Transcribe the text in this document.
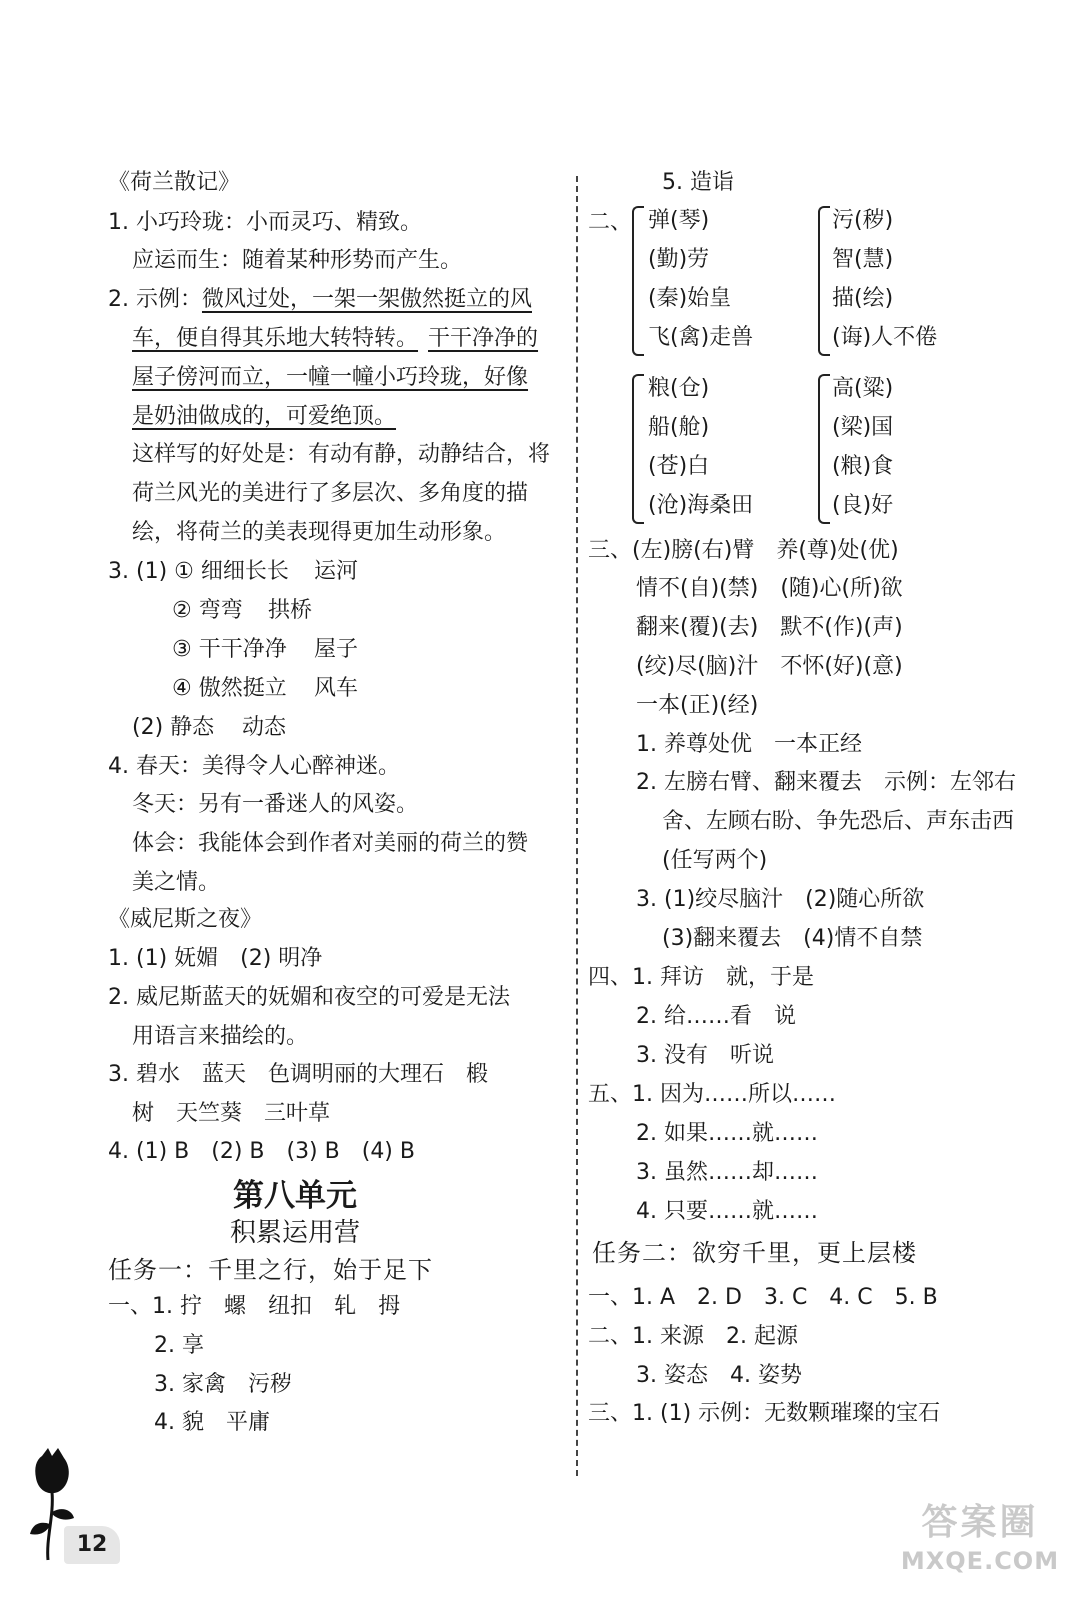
《荷兰散记》
1. 小巧玲珑：小而灵巧、精致。
应运而生：随着某种形势而产生。
2. 示例：微风过处，一架一架傲然挺立的风
车，便自得其乐地大转特转。 干干净净的
屋子傍河而立，一幢一幢小巧玲珑，好像
是奶油做成的，可爱绝顶。
这样写的好处是：有动有静，动静结合，将
荷兰风光的美进行了多层次、多角度的描
绘，将荷兰的美表现得更加生动形象。
3. (1) ① 细细长长 运河
② 弯弯 拱桥
③ 干干净净 屋子
④ 傲然挺立 风车
(2) 静态 动态
4. 春天：美得令人心醉神迷。
冬天：另有一番迷人的风姿。
体会：我能体会到作者对美丽的荷兰的赞
美之情。
《威尼斯之夜》
1. (1) 妩媚　(2) 明净
2. 威尼斯蓝天的妩媚和夜空的可爱是无法
用语言来描绘的。
3. 碧水　蓝天　色调明丽的大理石　椴
树　天竺葵　三叶草
4. (1) B　(2) B　(3) B　(4) B
第八单元
积累运用营
任务一：千里之行，始于足下
一、1. 拧　螺　纽扣　轧　拇
2. 享
3. 家禽　污秽
4. 貌　平庸
5. 造诣
二、 弹(琴)
(勤)劳
(秦)始皇
飞(禽)走兽
污(秽)
智(慧)
描(绘)
(诲)人不倦
粮(仓)
船(舱)
(苍)白
(沧)海桑田
高(粱)
(梁)国
(粮)食
(良)好
三、(左)膀(右)臂　养(尊)处(优)
情不(自)(禁)　(随)心(所)欲
翻来(覆)(去)　默不(作)(声)
(绞)尽(脑)汁　不怀(好)(意)
一本(正)(经)
1. 养尊处优　一本正经
2. 左膀右臂、翻来覆去　示例：左邻右
舍、左顾右盼、争先恐后、声东击西
(任写两个)
3. (1)绞尽脑汁　(2)随心所欲
(3)翻来覆去　(4)情不自禁
四、1. 拜访　就，于是
2. 给……看　说
3. 没有　听说
五、1. 因为……所以……
2. 如果……就……
3. 虽然……却……
4. 只要……就……
任务二：欲穷千里，更上层楼
一、1. A　2. D　3. C　4. C　5. B
二、1. 来源　2. 起源
3. 姿态　4. 姿势
三、1. (1) 示例：无数颗璀璨的宝石
12
答案圈
MXQE.COM
